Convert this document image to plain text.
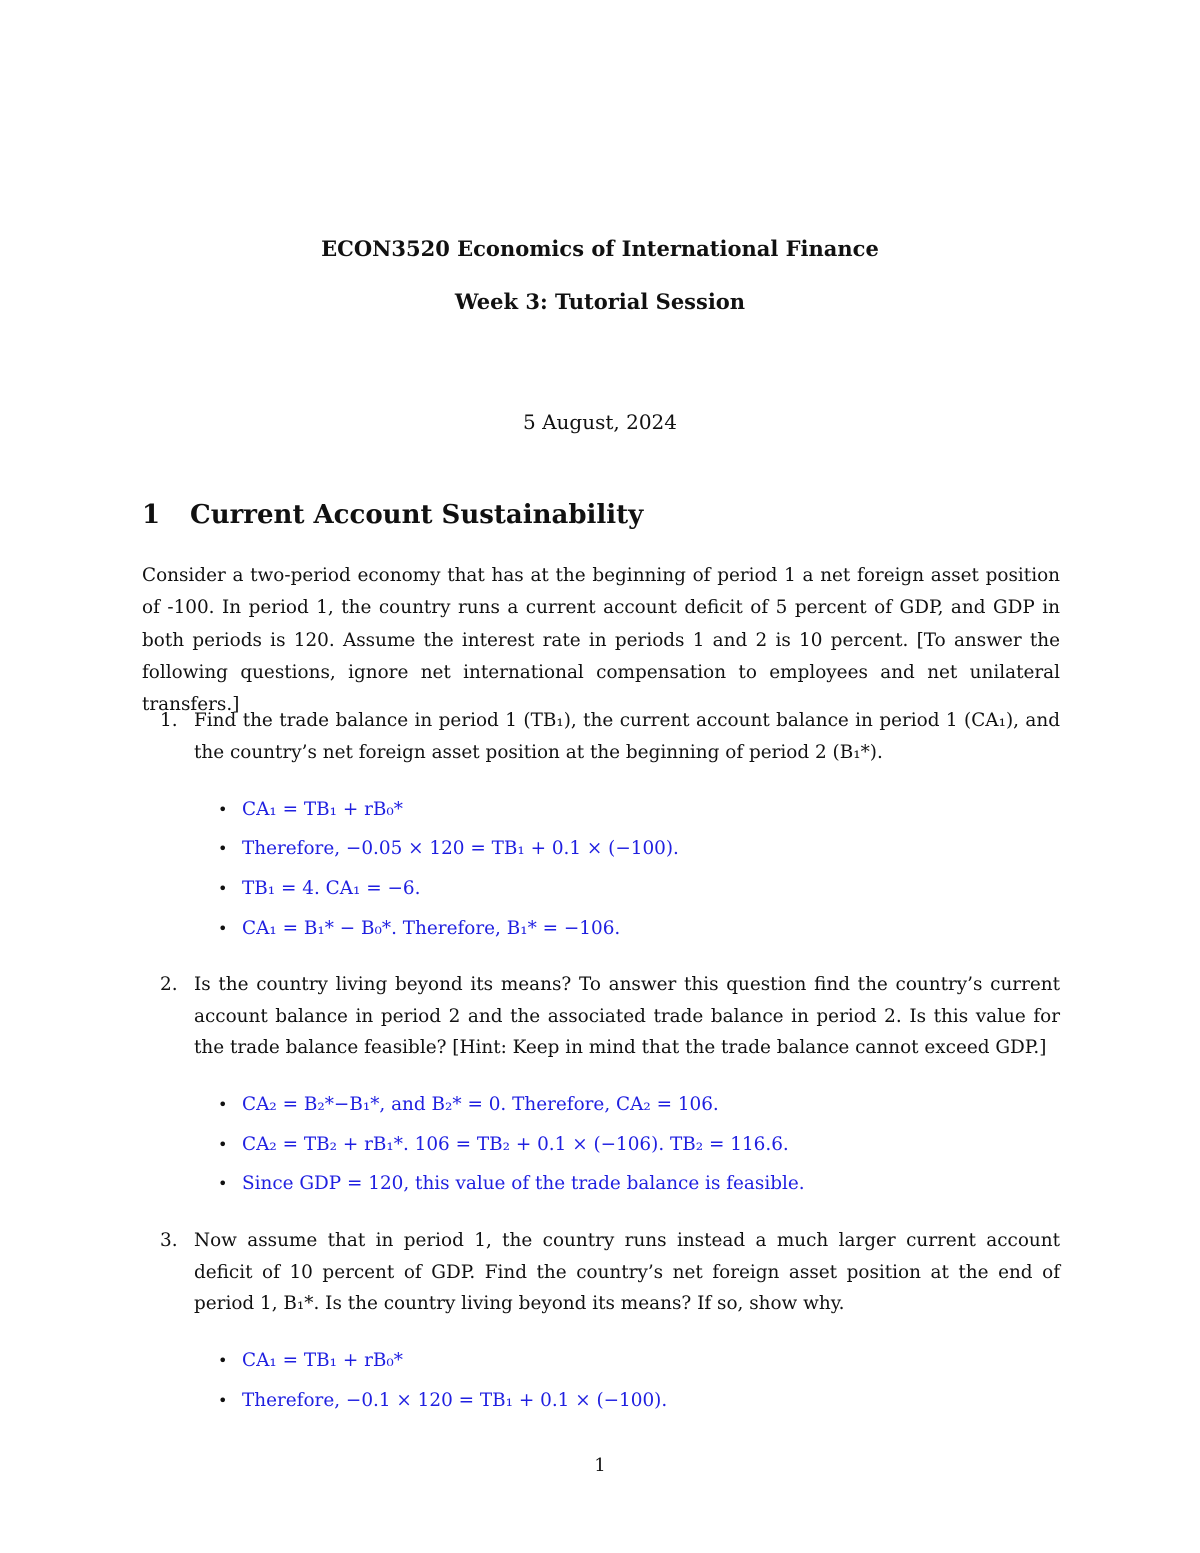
ECON3520 Economics of International Finance
Week 3: Tutorial Session
5 August, 2024
1 Current Account Sustainability

Consider a two-period economy that has at the beginning of period 1 a net foreign asset position of -100. In period 1, the country runs a current account deficit of 5 percent of GDP, and GDP in both periods is 120. Assume the interest rate in periods 1 and 2 is 10 percent. [To answer the following questions, ignore net international compensation to employees and net unilateral transfers.]

1. Find the trade balance in period 1 (TB₁), the current account balance in period 1 (CA₁), and the country’s net foreign asset position at the beginning of period 2 (B₁*).
• CA₁ = TB₁ + rB₀*
• Therefore, −0.05 × 120 = TB₁ + 0.1 × (−100).
• TB₁ = 4. CA₁ = −6.
• CA₁ = B₁* − B₀*. Therefore, B₁* = −106.
2. Is the country living beyond its means? To answer this question find the country’s current account balance in period 2 and the associated trade balance in period 2. Is this value for the trade balance feasible? [Hint: Keep in mind that the trade balance cannot exceed GDP.]
• CA₂ = B₂*−B₁*, and B₂* = 0. Therefore, CA₂ = 106.
• CA₂ = TB₂ + rB₁*. 106 = TB₂ + 0.1 × (−106). TB₂ = 116.6.
• Since GDP = 120, this value of the trade balance is feasible.
3. Now assume that in period 1, the country runs instead a much larger current account deficit of 10 percent of GDP. Find the country’s net foreign asset position at the end of period 1, B₁*. Is the country living beyond its means? If so, show why.
• CA₁ = TB₁ + rB₀*
• Therefore, −0.1 × 120 = TB₁ + 0.1 × (−100).
1
